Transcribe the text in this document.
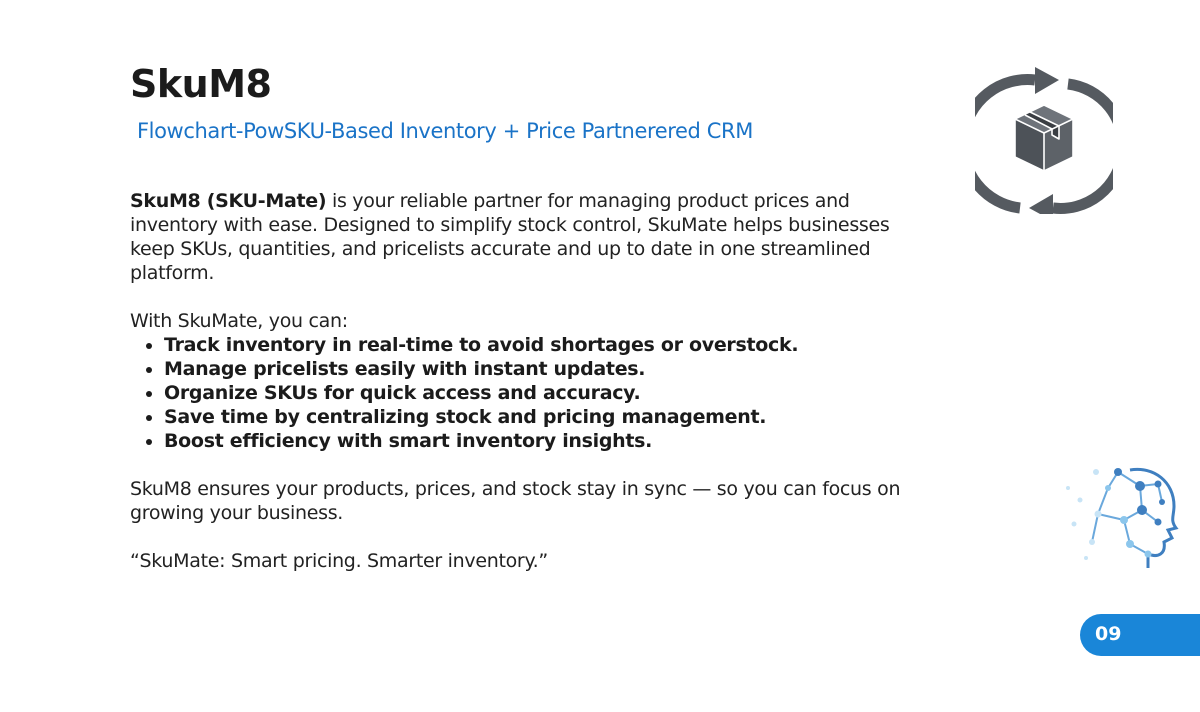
SkuM8

Flowchart-PowSKU-Based Inventory + Price Partnerered CRM

SkuM8 (SKU-Mate) is your reliable partner for managing product prices and inventory with ease. Designed to simplify stock control, SkuMate helps businesses keep SKUs, quantities, and pricelists accurate and up to date in one streamlined platform.

With SkuMate, you can:

• Track inventory in real-time to avoid shortages or overstock.
• Manage pricelists easily with instant updates.
• Organize SKUs for quick access and accuracy.
• Save time by centralizing stock and pricing management.
• Boost efficiency with smart inventory insights.

SkuM8 ensures your products, prices, and stock stay in sync — so you can focus on growing your business.

“SkuMate: Smart pricing. Smarter inventory.”

09
